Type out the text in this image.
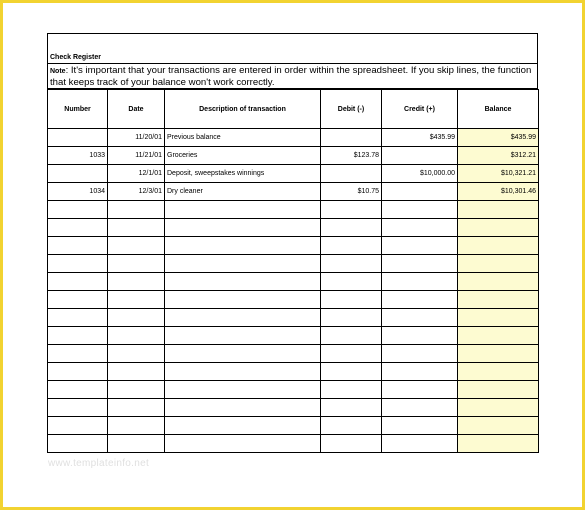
Check Register
Note: It's important that your transactions are entered in order within the spreadsheet. If you skip lines, the function that keeps track of your balance won't work correctly.
Number	Date	Description of transaction	Debit (-)	Credit (+)	Balance
	11/20/01	Previous balance		$435.99	$435.99
1033	11/21/01	Groceries	$123.78		$312.21
	12/1/01	Deposit, sweepstakes winnings		$10,000.00	$10,321.21
1034	12/3/01	Dry cleaner	$10.75		$10,301.46

www.templateinfo.net
